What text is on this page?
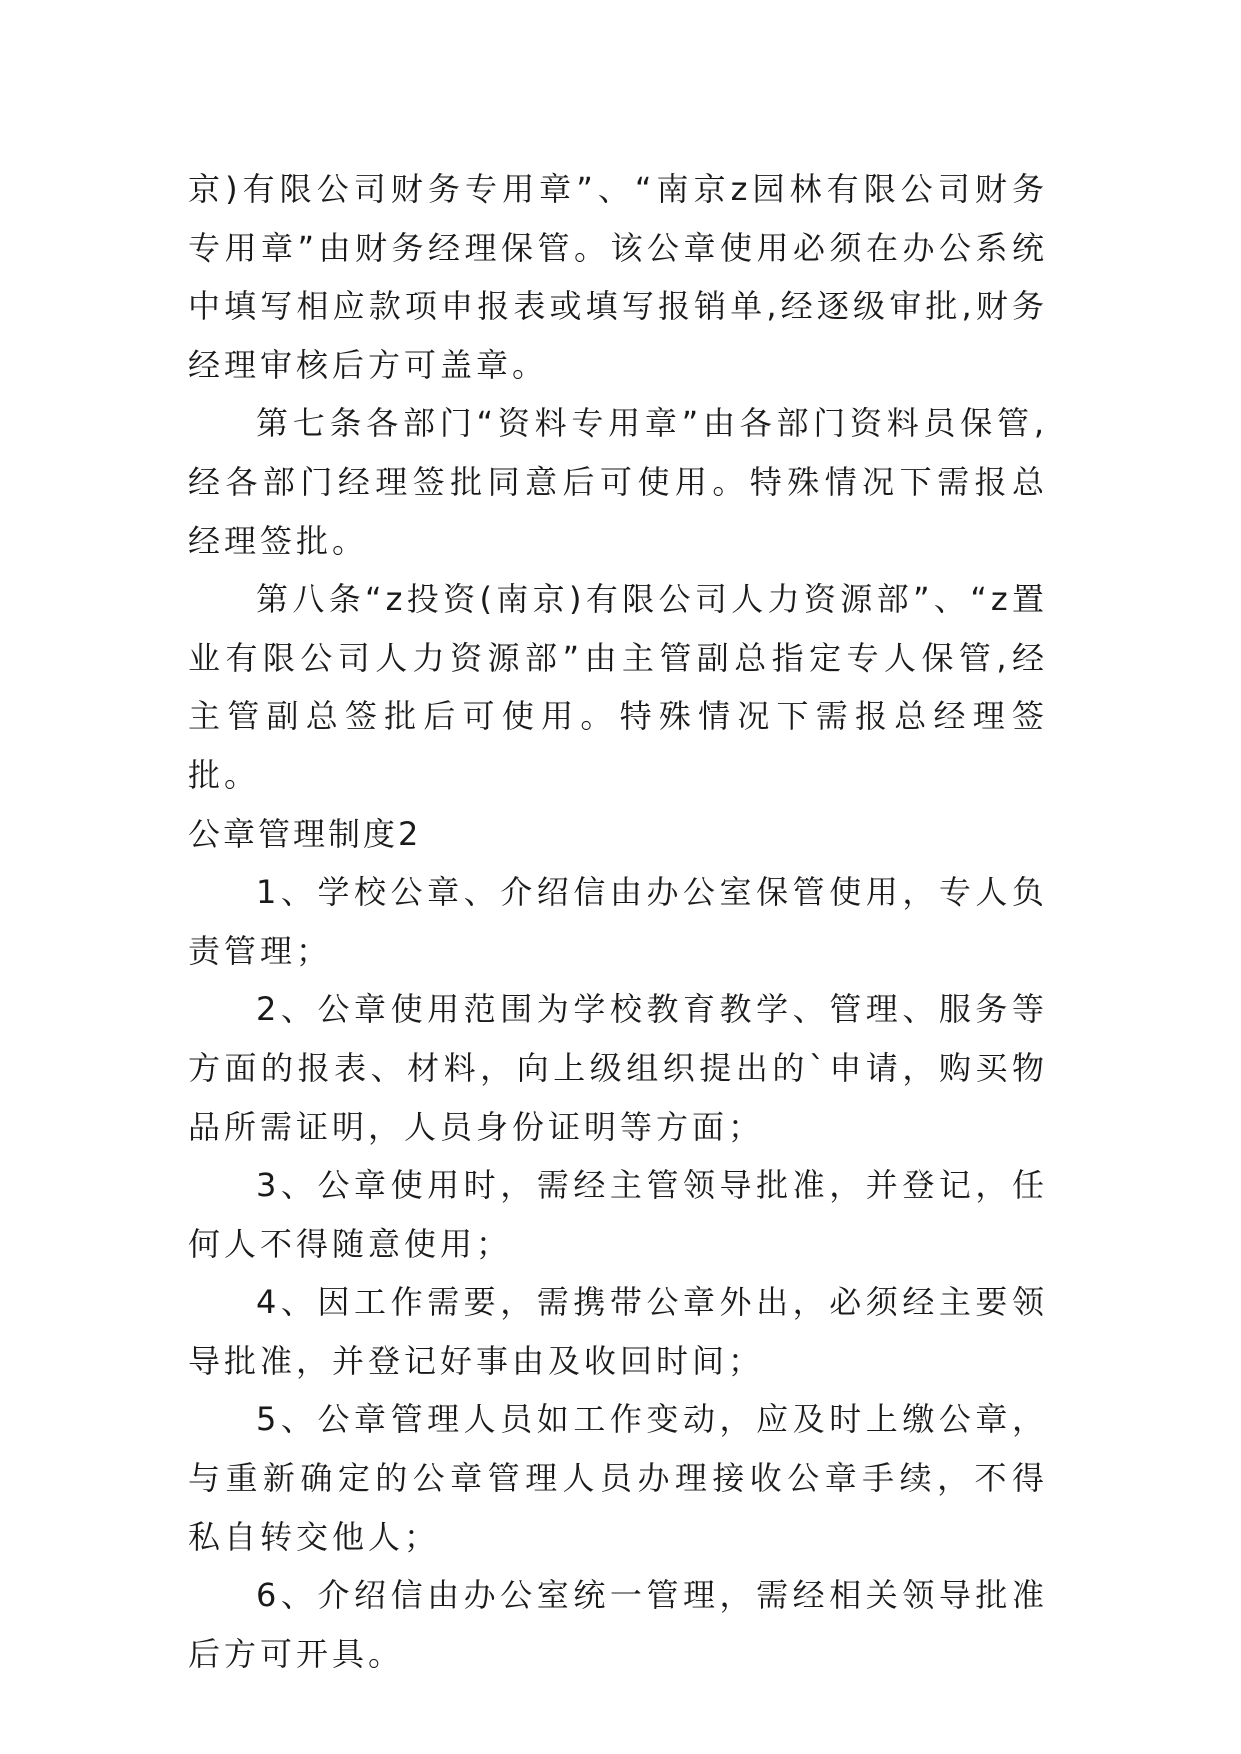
京)有限公司财务专用章”、“南京z园林有限公司财务专用章”由财务经理保管。该公章使用必须在办公系统中填写相应款项申报表或填写报销单,经逐级审批,财务经理审核后方可盖章。

第七条各部门“资料专用章”由各部门资料员保管,经各部门经理签批同意后可使用。特殊情况下需报总经理签批。

第八条“z投资(南京)有限公司人力资源部”、“z置业有限公司人力资源部”由主管副总指定专人保管,经主管副总签批后可使用。特殊情况下需报总经理签批。

公章管理制度2

1、学校公章、介绍信由办公室保管使用，专人负责管理；

2、公章使用范围为学校教育教学、管理、服务等方面的报表、材料，向上级组织提出的`申请，购买物品所需证明，人员身份证明等方面；

3、公章使用时，需经主管领导批准，并登记，任何人不得随意使用；

4、因工作需要，需携带公章外出，必须经主要领导批准，并登记好事由及收回时间；

5、公章管理人员如工作变动，应及时上缴公章，与重新确定的公章管理人员办理接收公章手续，不得私自转交他人；

6、介绍信由办公室统一管理，需经相关领导批准后方可开具。
